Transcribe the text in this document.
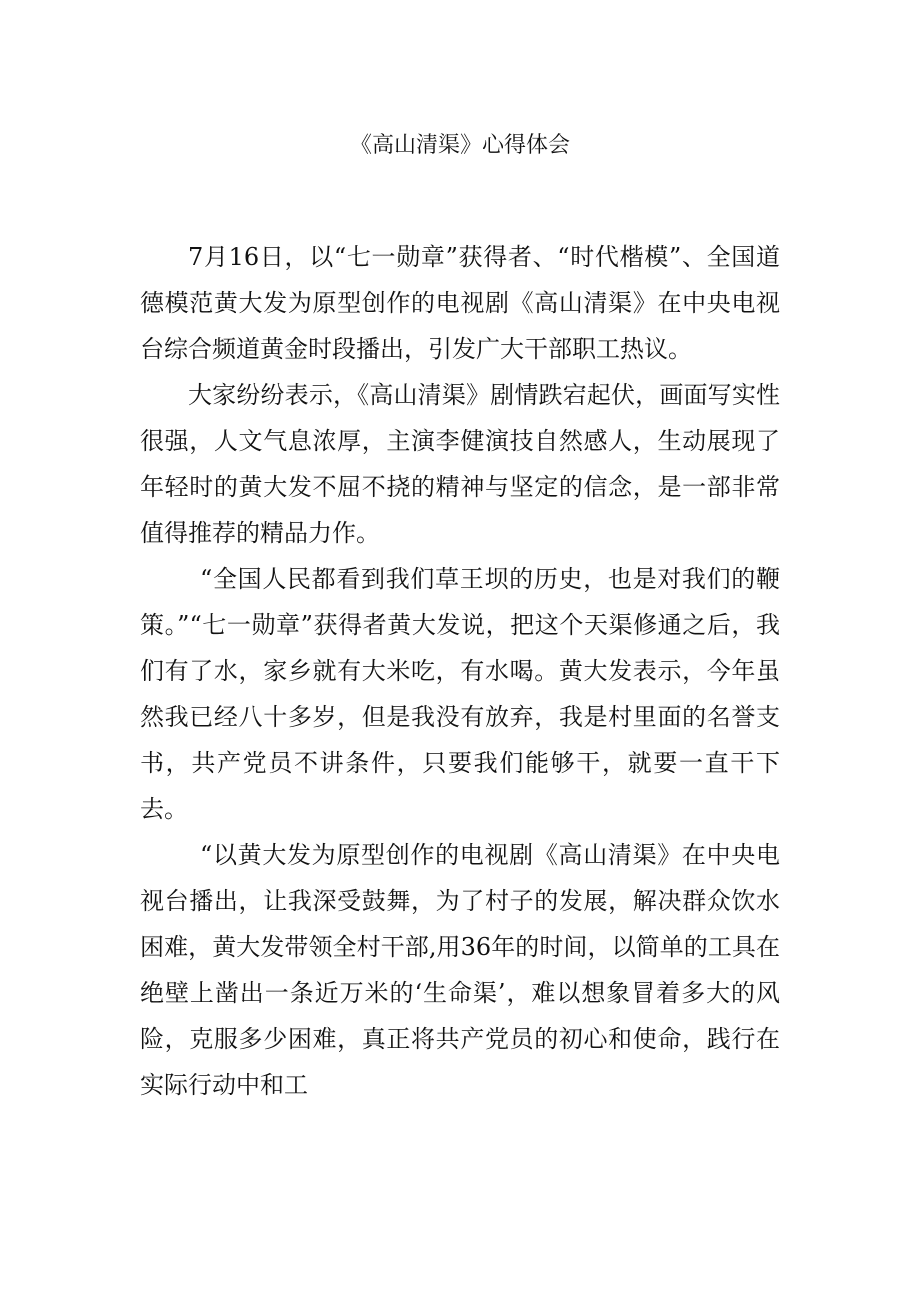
《高山清渠》心得体会

7月16日，以“七一勋章”获得者、“时代楷模”、全国道德模范黄大发为原型创作的电视剧《高山清渠》在中央电视台综合频道黄金时段播出，引发广大干部职工热议。

大家纷纷表示，《高山清渠》剧情跌宕起伏，画面写实性很强，人文气息浓厚，主演李健演技自然感人，生动展现了年轻时的黄大发不屈不挠的精神与坚定的信念，是一部非常值得推荐的精品力作。

“全国人民都看到我们草王坝的历史，也是对我们的鞭策。”“七一勋章”获得者黄大发说，把这个天渠修通之后，我们有了水，家乡就有大米吃，有水喝。黄大发表示，今年虽然我已经八十多岁，但是我没有放弃，我是村里面的名誉支书，共产党员不讲条件，只要我们能够干，就要一直干下去。

“以黄大发为原型创作的电视剧《高山清渠》在中央电视台播出，让我深受鼓舞，为了村子的发展，解决群众饮水困难，黄大发带领全村干部,用36年的时间，以简单的工具在绝壁上凿出一条近万米的‘生命渠’，难以想象冒着多大的风险，克服多少困难，真正将共产党员的初心和使命，践行在实际行动中和工
